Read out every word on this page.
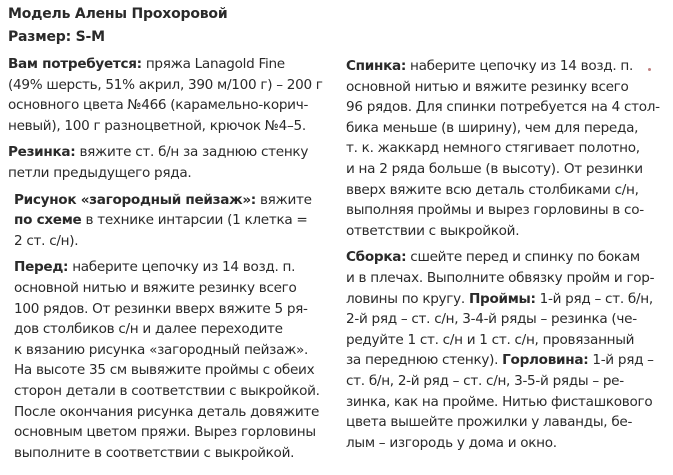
Модель Алены Прохоровой

Размер: S-M

Вам потребуется: пряжа Lanagold Fine
(49% шерсть, 51% акрил, 390 м/100 г) – 200 г
основного цвета №466 (карамельно-корич-
невый), 100 г разноцветной, крючок №4–5.

Резинка: вяжите ст. б/н за заднюю стенку
петли предыдущего ряда.

Рисунок «загородный пейзаж»: вяжите
по схеме в технике интарсии (1 клетка =
2 ст. с/н).

Перед: наберите цепочку из 14 возд. п.
основной нитью и вяжите резинку всего
100 рядов. От резинки вверх вяжите 5 ря-
дов столбиков с/н и далее переходите
к вязанию рисунка «загородный пейзаж».
На высоте 35 см вывяжите проймы с обеих
сторон детали в соответствии с выкройкой.
После окончания рисунка деталь довяжите
основным цветом пряжи. Вырез горловины
выполните в соответствии с выкройкой.

Спинка: наберите цепочку из 14 возд. п.
основной нитью и вяжите резинку всего
96 рядов. Для спинки потребуется на 4 стол-
бика меньше (в ширину), чем для переда,
т. к. жаккард немного стягивает полотно,
и на 2 ряда больше (в высоту). От резинки
вверх вяжите всю деталь столбиками с/н,
выполняя проймы и вырез горловины в со-
ответствии с выкройкой.

Сборка: сшейте перед и спинку по бокам
и в плечах. Выполните обвязку пройм и гор-
ловины по кругу. Проймы: 1-й ряд – ст. б/н,
2-й ряд – ст. с/н, 3-4-й ряды – резинка (че-
редуйте 1 ст. с/н и 1 ст. с/н, провязанный
за переднюю стенку). Горловина: 1-й ряд –
ст. б/н, 2-й ряд – ст. с/н, 3-5-й ряды – ре-
зинка, как на пройме. Нитью фисташкового
цвета вышейте прожилки у лаванды, бе-
лым – изгородь у дома и окно.
